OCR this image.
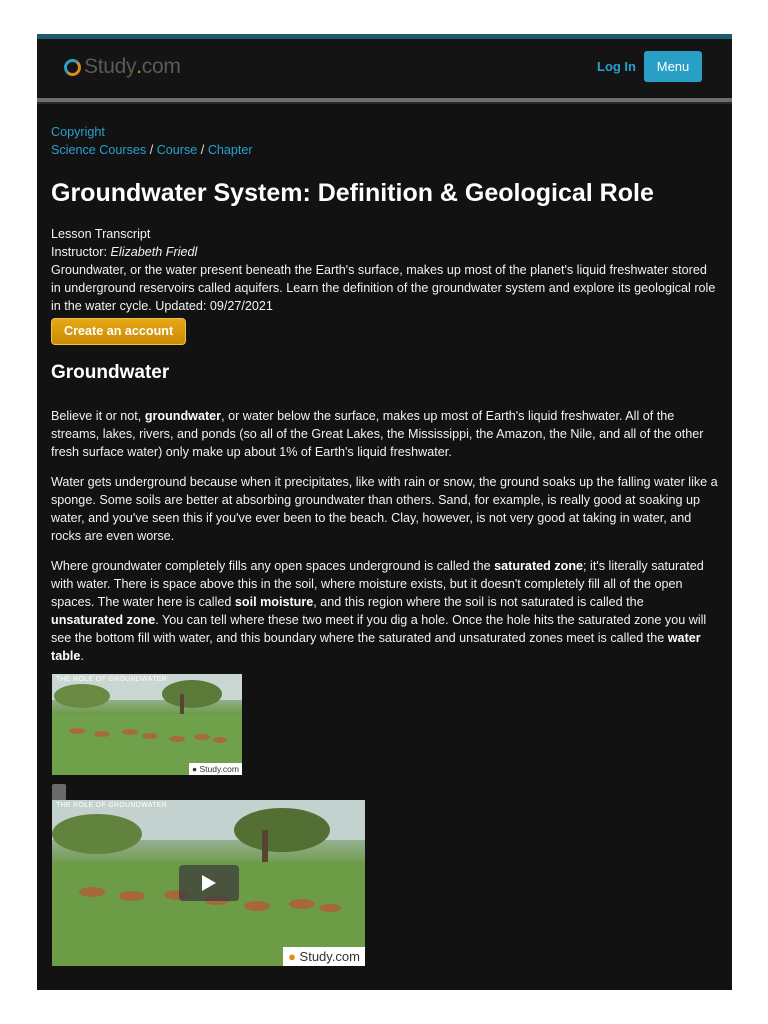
Study . com	Log In	Menu
Copyright
Science Courses / Course / Chapter
Groundwater System: Definition & Geological Role
Lesson Transcript
Instructor: Elizabeth Friedl
Groundwater, or the water present beneath the Earth's surface, makes up most of the planet's liquid freshwater stored in underground reservoirs called aquifers. Learn the definition of the groundwater system and explore its geological role in the water cycle. Updated: 09/27/2021
Create an account
Groundwater

Believe it or not, groundwater, or water below the surface, makes up most of Earth's liquid freshwater. All of the streams, lakes, rivers, and ponds (so all of the Great Lakes, the Mississippi, the Amazon, the Nile, and all of the other fresh surface water) only make up about 1% of Earth's liquid freshwater.

Water gets underground because when it precipitates, like with rain or snow, the ground soaks up the falling water like a sponge. Some soils are better at absorbing groundwater than others. Sand, for example, is really good at soaking up water, and you've seen this if you've ever been to the beach. Clay, however, is not very good at taking in water, and rocks are even worse.

Where groundwater completely fills any open spaces underground is called the saturated zone; it's literally saturated with water. There is space above this in the soil, where moisture exists, but it doesn't completely fill all of the open spaces. The water here is called soil moisture, and this region where the soil is not saturated is called the unsaturated zone. You can tell where these two meet if you dig a hole. Once the hole hits the saturated zone you will see the bottom fill with water, and this boundary where the saturated and unsaturated zones meet is called the water table.

THE ROLE OF GROUNDWATER
● Study.com
THE ROLE OF GROUNDWATER
● Study.com
